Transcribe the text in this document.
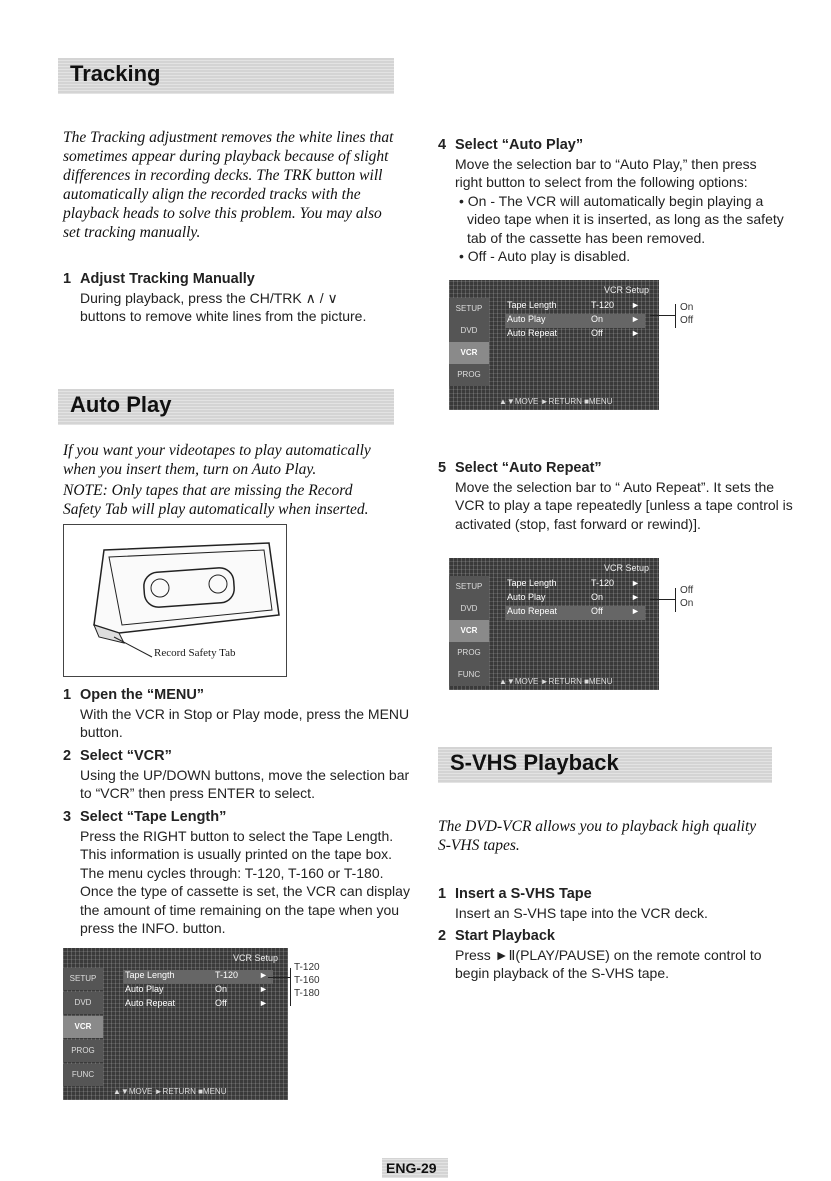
Tracking
The Tracking adjustment removes the white lines that sometimes appear during playback because of slight differences in recording decks. The TRK button will automatically align the recorded tracks with the playback heads to solve this problem. You may also set tracking manually.
1 Adjust Tracking Manually
During playback, press the CH/TRK ∧ / ∨ buttons to remove white lines from the picture.
Auto Play
If you want your videotapes to play automatically when you insert them, turn on Auto Play.
NOTE: Only tapes that are missing the Record Safety Tab will play automatically when inserted.
Record Safety Tab
1 Open the “MENU”
With the VCR in Stop or Play mode, press the MENU button.
2 Select “VCR”
Using the UP/DOWN buttons, move the selection bar to “VCR” then press ENTER to select.
3 Select “Tape Length”
Press the RIGHT button to select the Tape Length. This information is usually printed on the tape box. The menu cycles through: T-120, T-160 or T-180. Once the type of cassette is set, the VCR can display the amount of time remaining on the tape when you press the INFO. button.
VCR Setup
SETUP
DVD
VCR
PROG
FUNC
Tape Length	T-120 ►
Auto Play	On	►
Auto Repeat	Off	►
▲▼MOVE ►RETURN ■MENU
T-120
T-160
T-180
4 Select “Auto Play”
Move the selection bar to “Auto Play,” then press right button to select from the following options:
• On - The VCR will automatically begin playing a video tape when it is inserted, as long as the safety tab of the cassette has been removed.
• Off - Auto play is disabled.
VCR Setup
SETUP
DVD
VCR
PROG
Tape Length	T-120 ►
Auto Play	On	►
Auto Repeat	Off	►
▲▼MOVE ►RETURN ■MENU
On
Off
5 Select “Auto Repeat”
Move the selection bar to “ Auto Repeat”. It sets the VCR to play a tape repeatedly [unless a tape control is activated (stop, fast forward or rewind)].
VCR Setup
SETUP
DVD
VCR
PROG
FUNC
Tape Length	T-120 ►
Auto Play	On	►
Auto Repeat	Off	►
▲▼MOVE ►RETURN ■MENU
Off
On
S-VHS Playback
The DVD-VCR allows you to playback high quality S-VHS tapes.
1 Insert a S-VHS Tape
Insert an S-VHS tape into the VCR deck.
2 Start Playback
Press ►Ⅱ(PLAY/PAUSE) on the remote control to begin playback of the S-VHS tape.
ENG-29
